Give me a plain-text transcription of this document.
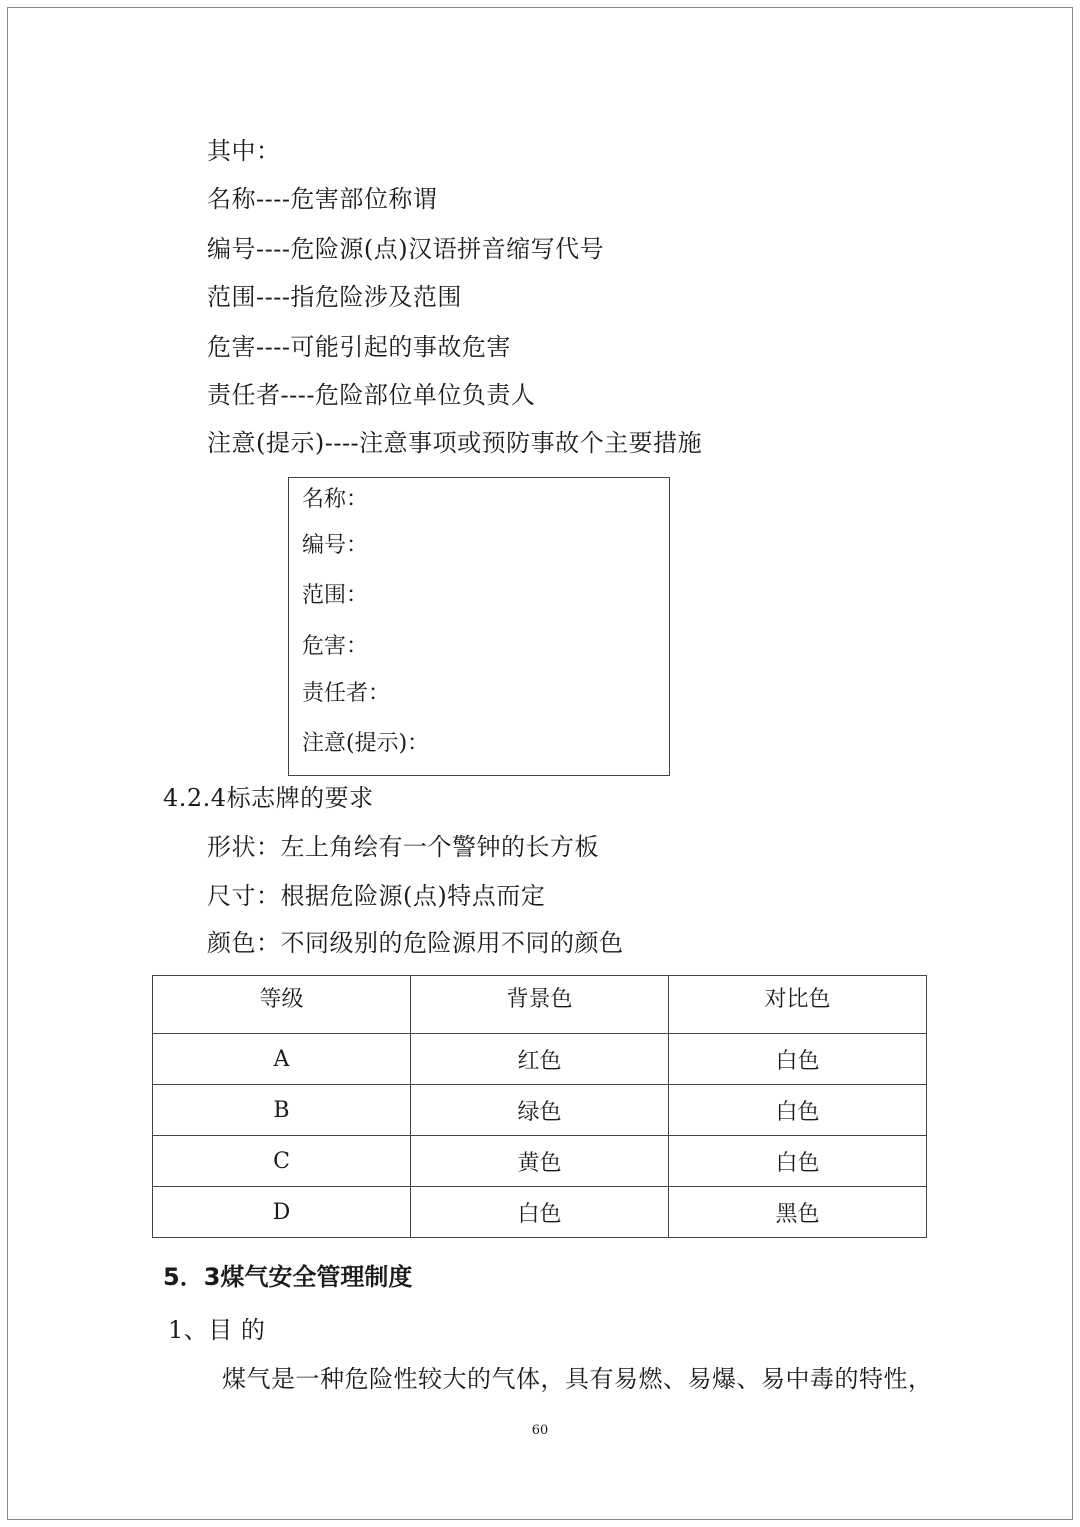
其中：
名称----危害部位称谓
编号----危险源(点)汉语拼音缩写代号
范围----指危险涉及范围
危害----可能引起的事故危害
责任者----危险部位单位负责人
注意(提示)----注意事项或预防事故个主要措施
名称：
编号：
范围：
危害：
责任者：
注意(提示)：
4.2.4标志牌的要求
形状：左上角绘有一个警钟的长方板
尺寸：根据危险源(点)特点而定
颜色：不同级别的危险源用不同的颜色
等级	背景色	对比色
A	红色	白色
B	绿色	白色
C	黄色	白色
D	白色	黑色
5．3煤气安全管理制度
1、目 的
煤气是一种危险性较大的气体，具有易燃、易爆、易中毒的特性，
60
